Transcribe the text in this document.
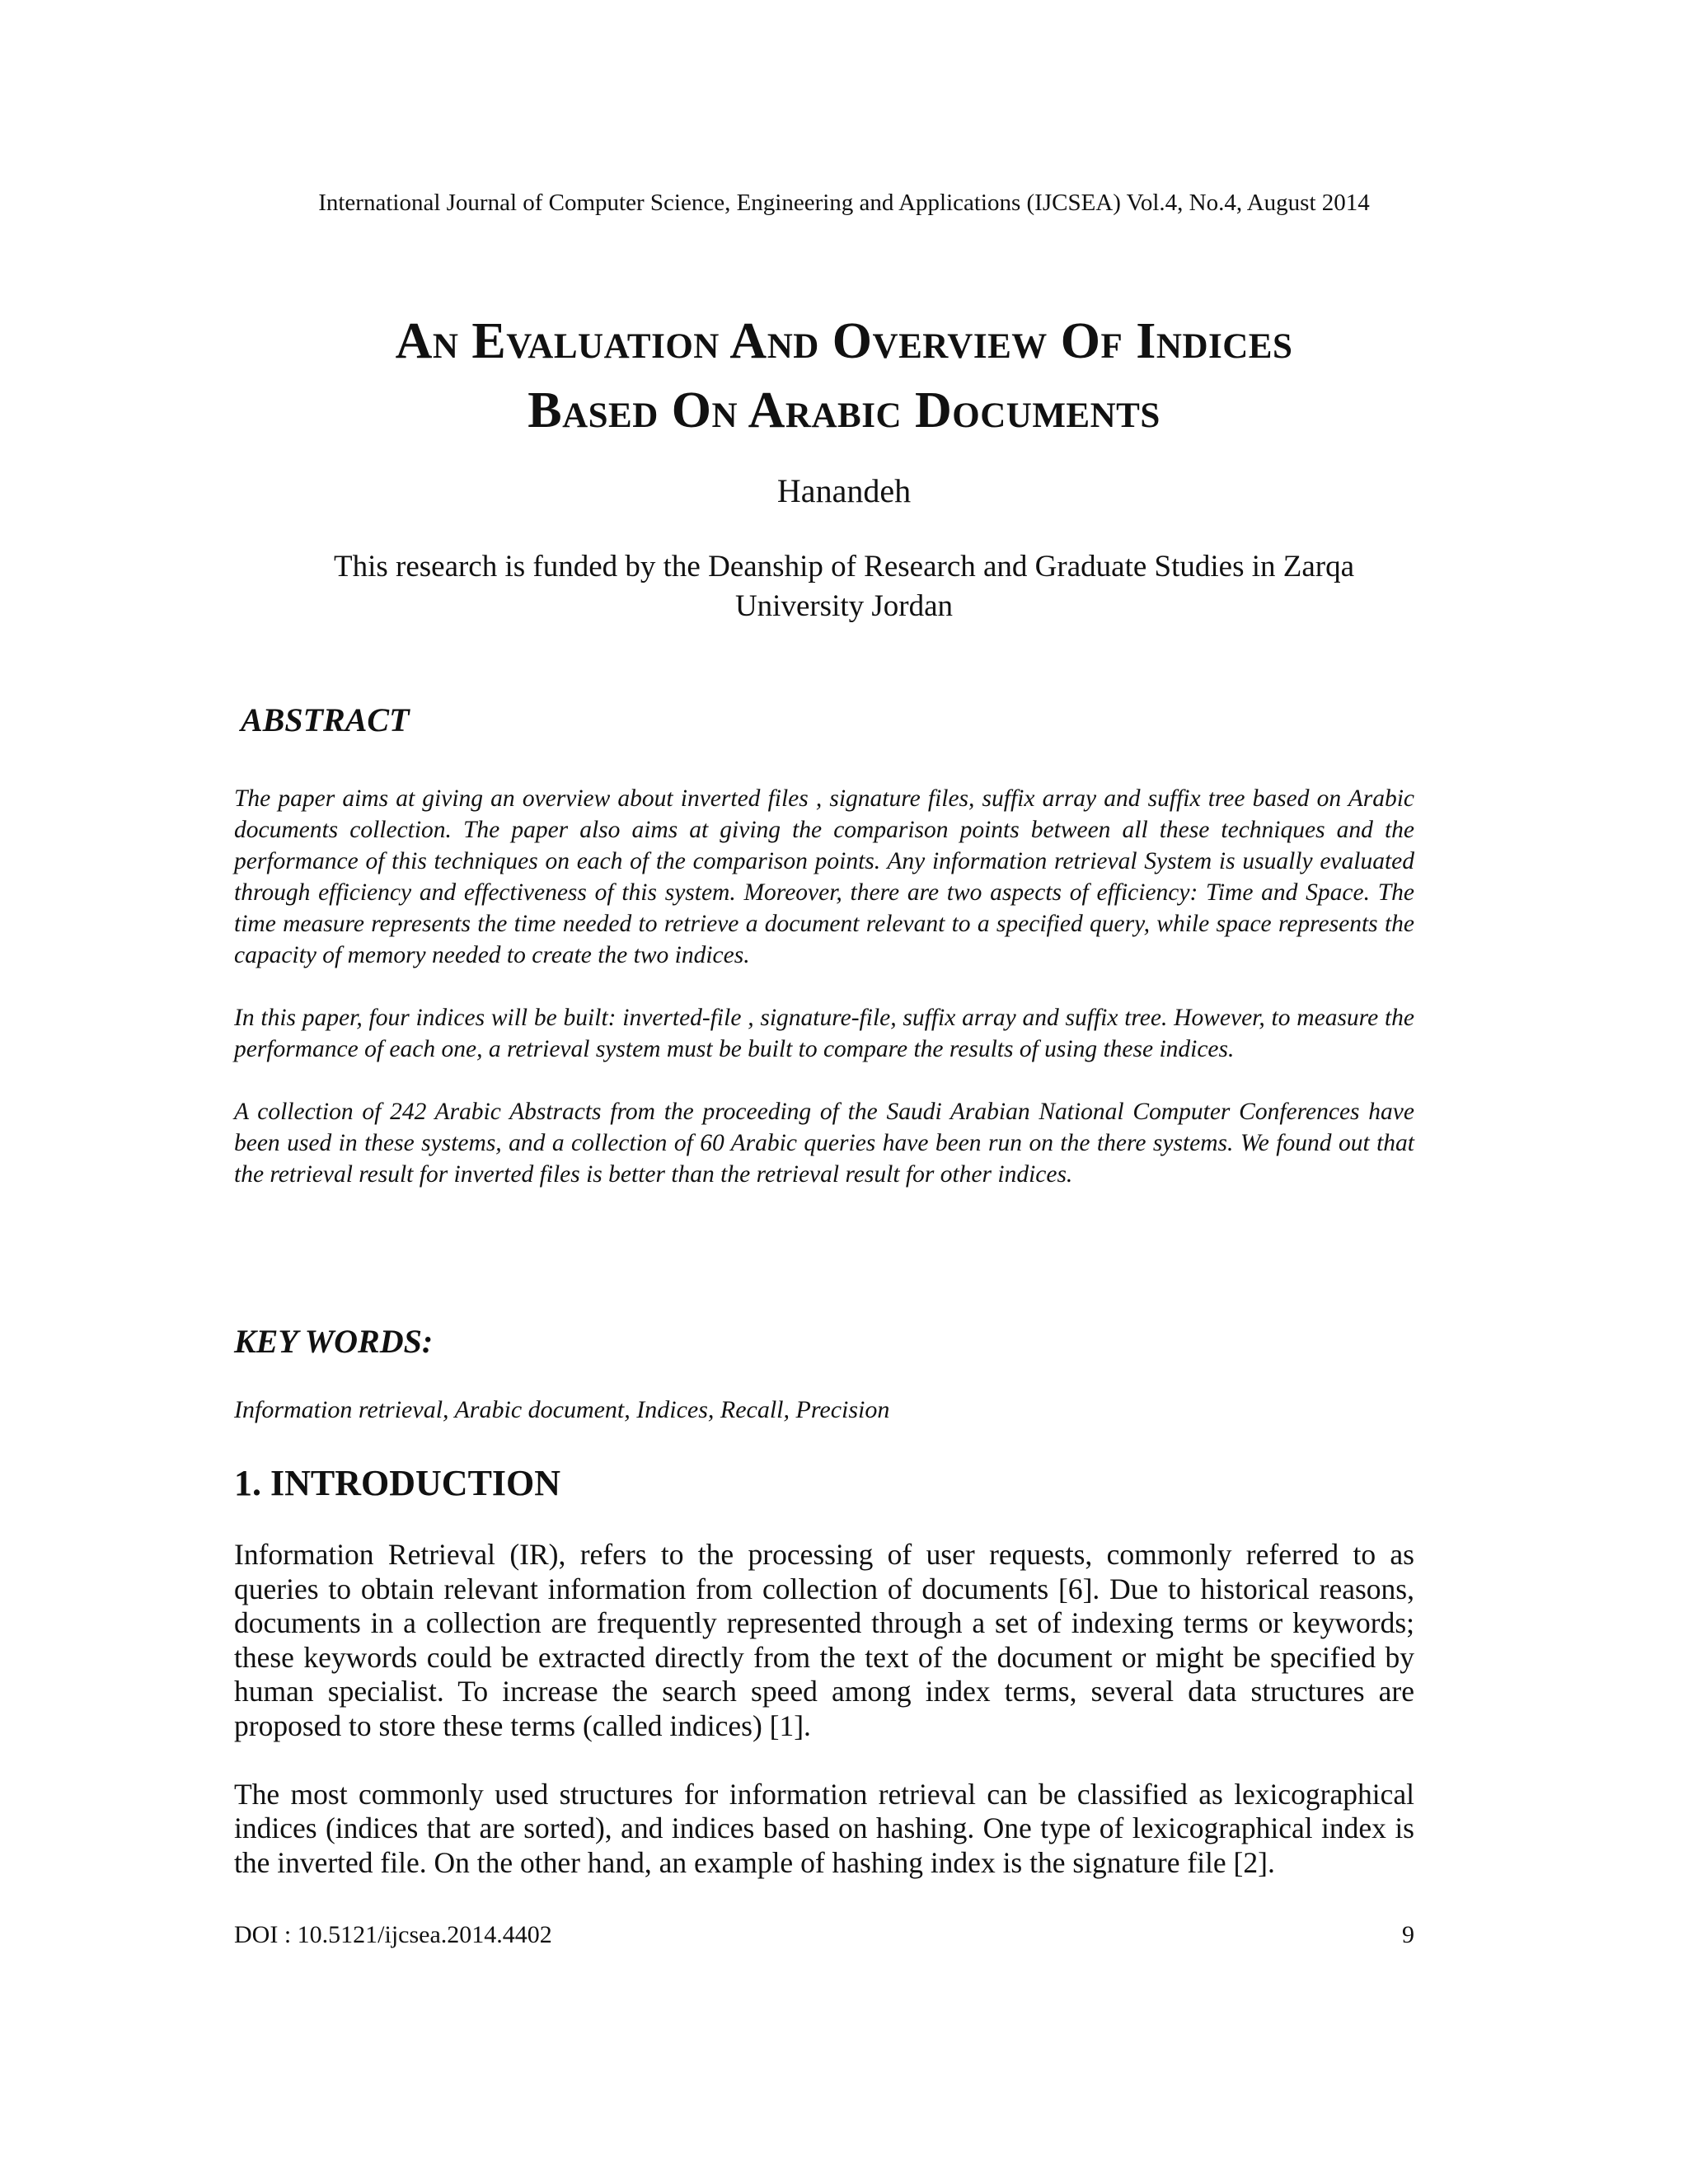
International Journal of Computer Science, Engineering and Applications (IJCSEA) Vol.4, No.4, August 2014
An Evaluation And Overview Of Indices
Based On Arabic Documents
Hanandeh
This research is funded by the Deanship of Research and Graduate Studies in Zarqa
University Jordan
ABSTRACT

The paper aims at giving an overview about inverted files , signature files, suffix array and suffix tree based on Arabic documents collection. The paper also aims at giving the comparison points between all these techniques and the performance of this techniques on each of the comparison points. Any information retrieval System is usually evaluated through efficiency and effectiveness of this system. Moreover, there are two aspects of efficiency: Time and Space. The time measure represents the time needed to retrieve a document relevant to a specified query, while space represents the capacity of memory needed to create the two indices.

In this paper, four indices will be built: inverted-file , signature-file, suffix array and suffix tree. However, to measure the performance of each one, a retrieval system must be built to compare the results of using these indices.

A collection of 242 Arabic Abstracts from the proceeding of the Saudi Arabian National Computer Conferences have been used in these systems, and a collection of 60 Arabic queries have been run on the there systems. We found out that the retrieval result for inverted files is better than the retrieval result for other indices.

KEY WORDS:
Information retrieval, Arabic document, Indices, Recall, Precision
1. INTRODUCTION

Information Retrieval (IR), refers to the processing of user requests, commonly referred to as queries to obtain relevant information from collection of documents [6]. Due to historical reasons, documents in a collection are frequently represented through a set of indexing terms or keywords; these keywords could be extracted directly from the text of the document or might be specified by human specialist. To increase the search speed among index terms, several data structures are proposed to store these terms (called indices) [1].

The most commonly used structures for information retrieval can be classified as lexicographical indices (indices that are sorted), and indices based on hashing. One type of lexicographical index is the inverted file. On the other hand, an example of hashing index is the signature file [2].

DOI : 10.5121/ijcsea.2014.4402	9
